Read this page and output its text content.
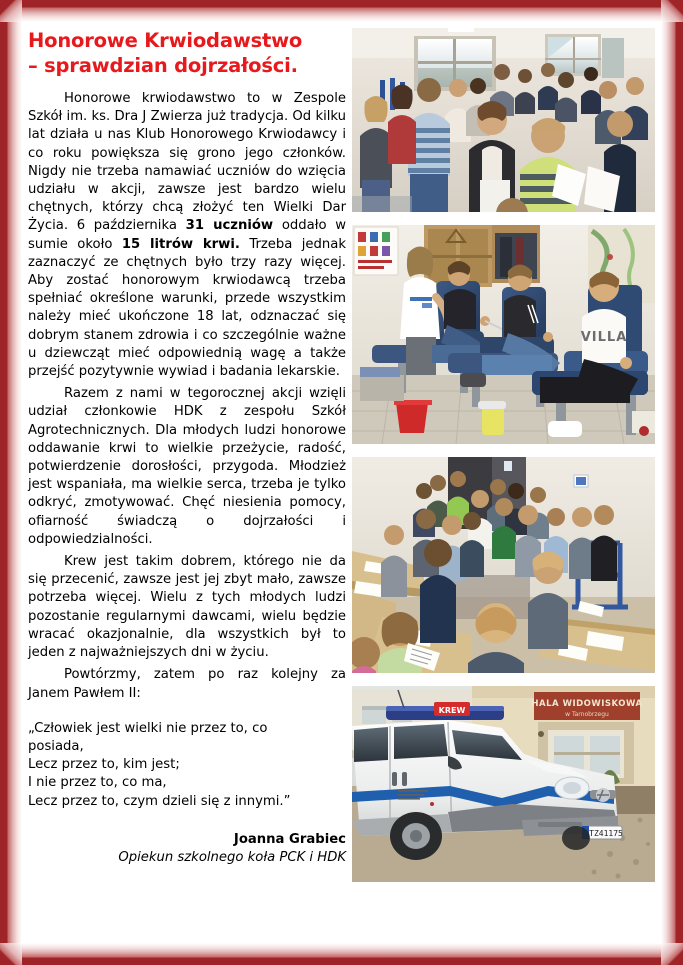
Honorowe Krwiodawstwo
– sprawdzian dojrzałości.

Honorowe krwiodawstwo to w Zespole Szkół im. ks. Dra J Zwierza już tradycja. Od kilku lat działa u nas Klub Honorowego Krwiodawcy i co roku powiększa się grono jego członków. Nigdy nie trzeba namawiać uczniów do wzięcia udziału w akcji, zawsze jest bardzo wielu chętnych, którzy chcą złożyć ten Wielki Dar Życia. 6 października 31 uczniów oddało w sumie około 15 litrów krwi. Trzeba jednak zaznaczyć ze chętnych było trzy razy więcej. Aby zostać honorowym krwiodawcą trzeba spełniać określone warunki, przede wszystkim należy mieć ukończone 18 lat, odznaczać się dobrym stanem zdrowia i co szczególnie ważne u dziewcząt mieć odpowiednią wagę a także przejść pozytywnie wywiad i badania lekarskie.

Razem z nami w tegorocznej akcji wzięli udział członkowie HDK z zespołu Szkół Agrotechnicznych. Dla młodych ludzi honorowe oddawanie krwi to wielkie przeżycie, radość, potwierdzenie dorosłości, przygoda. Młodzież jest wspaniała, ma wielkie serca, trzeba je tylko odkryć, zmotywować. Chęć niesienia pomocy, ofiarność świadczą o dojrzałości i odpowiedzialności.

Krew jest takim dobrem, którego nie da się przecenić, zawsze jest jej zbyt mało, zawsze potrzeba więcej. Wielu z tych młodych ludzi pozostanie regularnymi dawcami, wielu będzie wracać okazjonalnie, dla wszystkich był to jeden z najważniejszych dni w życiu.

Powtórzmy, zatem po raz kolejny za Janem Pawłem II:

„Człowiek jest wielki nie przez to, co

posiada,

Lecz przez to, kim jest;

I nie przez to, co ma,

Lecz przez to, czym dzieli się z innymi.”

Joanna Grabiec
Opiekun szkolnego koła PCK i HDK
VILLA
HALA WIDOWISKOWA
w Tarnobrzegu
TZ41175
KREW
